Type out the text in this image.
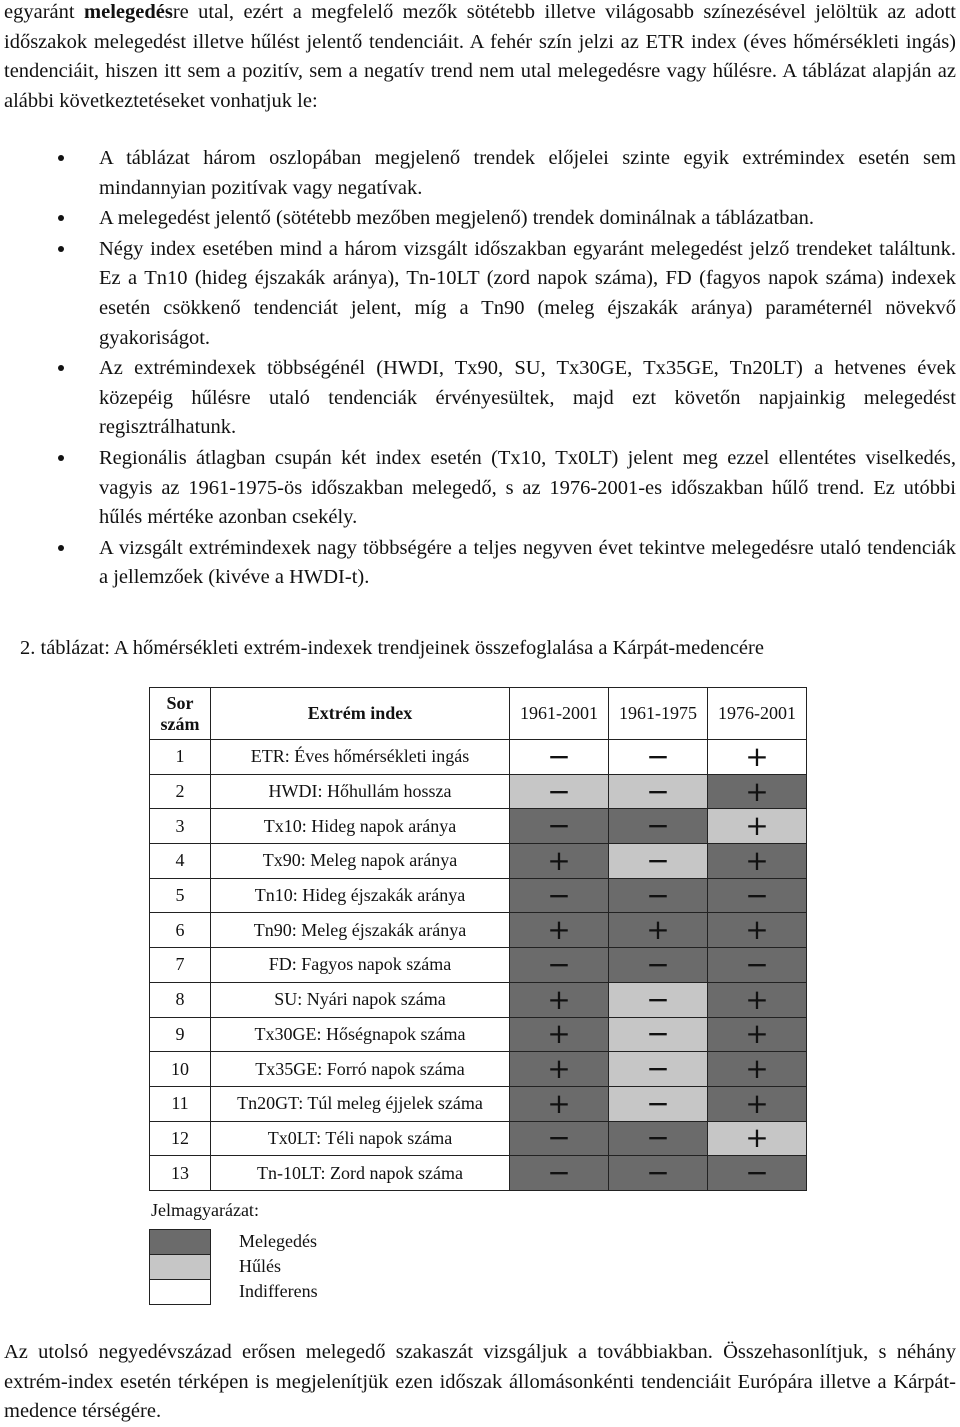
egyaránt melegedésre utal, ezért a megfelelő mezők sötétebb illetve világosabb színezésével jelöltük az adott időszakok melegedést illetve hűlést jelentő tendenciáit. A fehér szín jelzi az ETR index (éves hőmérsékleti ingás) tendenciáit, hiszen itt sem a pozitív, sem a negatív trend nem utal melegedésre vagy hűlésre. A táblázat alapján az alábbi következtetéseket vonhatjuk le:
A táblázat három oszlopában megjelenő trendek előjelei szinte egyik extrémindex esetén sem mindannyian pozitívak vagy negatívak.
A melegedést jelentő (sötétebb mezőben megjelenő) trendek dominálnak a táblázatban.
Négy index esetében mind a három vizsgált időszakban egyaránt melegedést jelző trendeket találtunk. Ez a Tn10 (hideg éjszakák aránya), Tn-10LT (zord napok száma), FD (fagyos napok száma) indexek esetén csökkenő tendenciát jelent, míg a Tn90 (meleg éjszakák aránya) paraméternél növekvő gyakoriságot.
Az extrémindexek többségénél (HWDI, Tx90, SU, Tx30GE, Tx35GE, Tn20LT) a hetvenes évek közepéig hűlésre utaló tendenciák érvényesültek, majd ezt követőn napjainkig melegedést regisztrálhatunk.
Regionális átlagban csupán két index esetén (Tx10, Tx0LT) jelent meg ezzel ellentétes viselkedés, vagyis az 1961-1975-ös időszakban melegedő, s az 1976-2001-es időszakban hűlő trend. Ez utóbbi hűlés mértéke azonban csekély.
A vizsgált extrémindexek nagy többségére a teljes negyven évet tekintve melegedésre utaló tendenciák a jellemzőek (kivéve a HWDI-t).
2. táblázat: A hőmérsékleti extrém-indexek trendjeinek összefoglalása a Kárpát-medencére
Sor
szám	Extrém index	1961-2001	1961-1975	1976-2001
1	ETR: Éves hőmérsékleti ingás	−	−	+
2	HWDI: Hőhullám hossza	−	−	+
3	Tx10: Hideg napok aránya	−	−	+
4	Tx90: Meleg napok aránya	+	−	+
5	Tn10: Hideg éjszakák aránya	−	−	−
6	Tn90: Meleg éjszakák aránya	+	+	+
7	FD: Fagyos napok száma	−	−	−
8	SU: Nyári napok száma	+	−	+
9	Tx30GE: Hőségnapok száma	+	−	+
10	Tx35GE: Forró napok száma	+	−	+
11	Tn20GT: Túl meleg éjjelek száma	+	−	+
12	Tx0LT: Téli napok száma	−	−	+
13	Tn-10LT: Zord napok száma	−	−	−
Jelmagyarázat:
Melegedés
Hűlés
Indifferens
Az utolsó negyedévszázad erősen melegedő szakaszát vizsgáljuk a továbbiakban. Összehasonlítjuk, s néhány extrém-index esetén térképen is megjelenítjük ezen időszak állomásonkénti tendenciáit Európára illetve a Kárpát-medence térségére.
